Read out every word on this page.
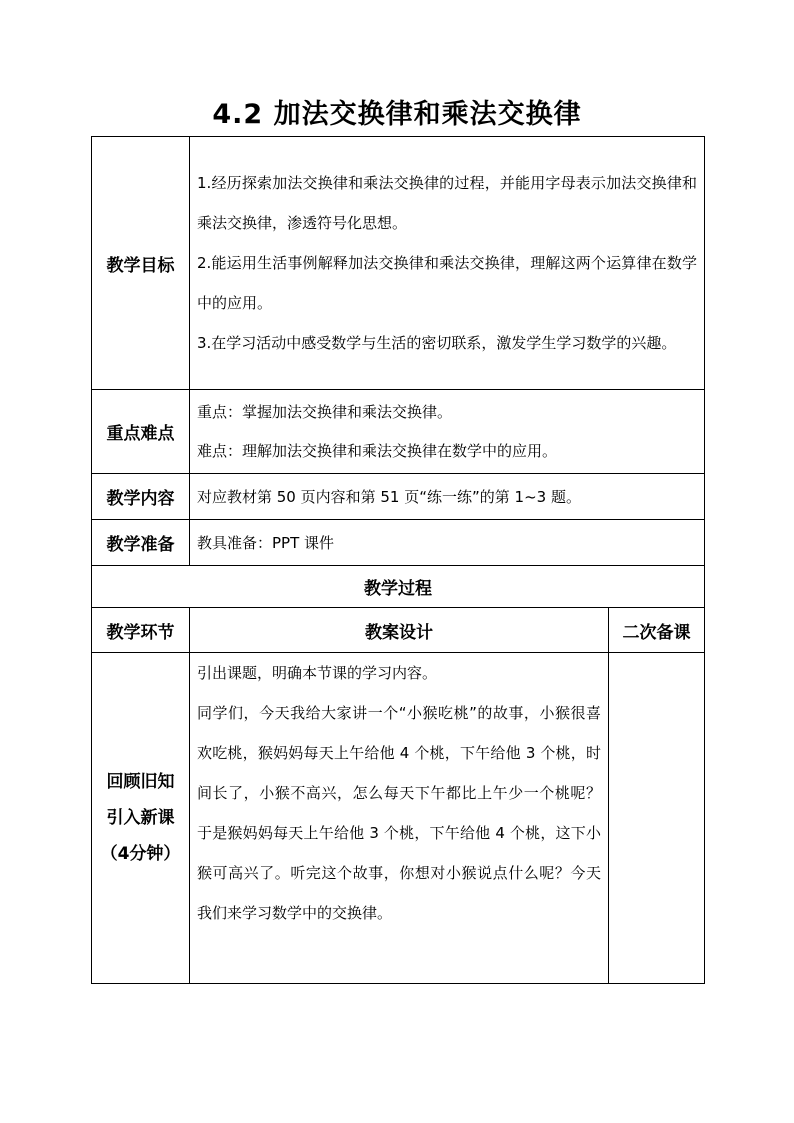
4.2 加法交换律和乘法交换律
教学目标	1.经历探索加法交换律和乘法交换律的过程，并能用字母表示加法交换律和乘法交换律，渗透符号化思想。
2.能运用生活事例解释加法交换律和乘法交换律，理解这两个运算律在数学中的应用。
3.在学习活动中感受数学与生活的密切联系，激发学生学习数学的兴趣。	

重点难点	重点：掌握加法交换律和乘法交换律。
难点：理解加法交换律和乘法交换律在数学中的应用。	

教学内容	对应教材第 50 页内容和第 51 页“练一练”的第 1~3 题。	
教学准备	教具准备：PPT 课件	
教学过程		
教学环节	教案设计	二次备课

回顾旧知
引入新课
（4分钟）	引出课题，明确本节课的学习内容。
同学们，今天我给大家讲一个“小猴吃桃”的故事，小猴很喜欢吃桃，猴妈妈每天上午给他 4 个桃，下午给他 3 个桃，时间长了，小猴不高兴，怎么每天下午都比上午少一个桃呢？于是猴妈妈每天上午给他 3 个桃，下午给他 4 个桃，这下小猴可高兴了。听完这个故事，你想对小猴说点什么呢？今天我们来学习数学中的交换律。	
